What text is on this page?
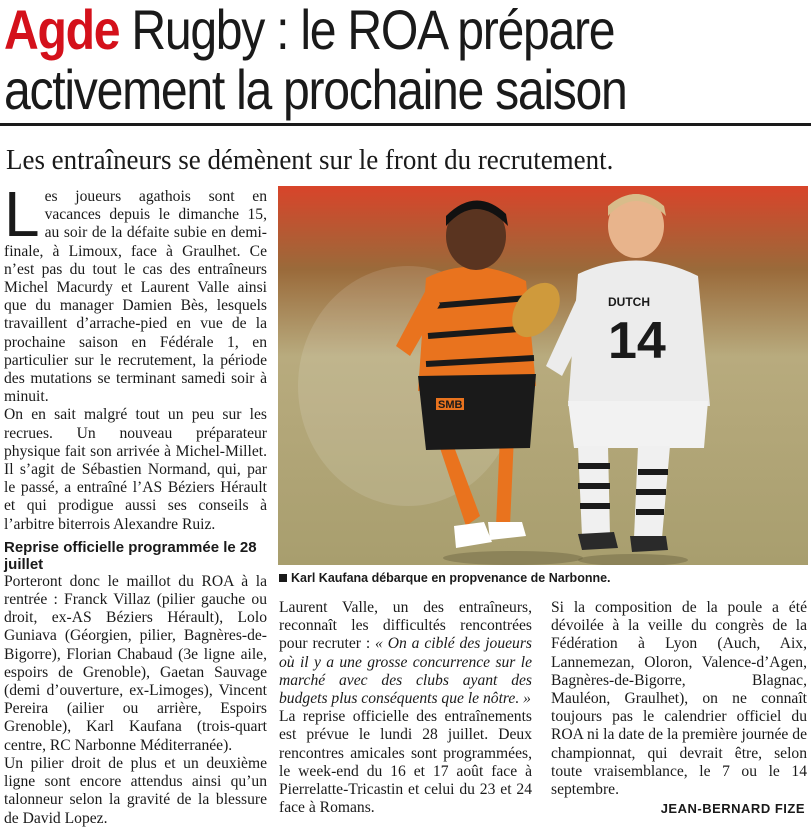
Agde Rugby : le ROA prépare
activement la prochaine saison
Les entraîneurs se démènent sur le front du recrutement.

Les joueurs agathois sont en vacances depuis le dimanche 15, au soir de la défaite subie en demi-finale, à Limoux, face à Graulhet. Ce n’est pas du tout le cas des entraîneurs Michel Macurdy et Laurent Valle ainsi que du manager Damien Bès, lesquels travaillent d’arrache-pied en vue de la prochaine saison en Fédérale 1, en particulier sur le recrutement, la période des mutations se terminant samedi soir à minuit.

On en sait malgré tout un peu sur les recrues. Un nouveau préparateur physique fait son arrivée à Michel-Millet. Il s’agit de Sébastien Normand, qui, par le passé, a entraîné l’AS Béziers Hérault et qui prodigue aussi ses conseils à l’arbitre biterrois Alexandre Ruiz.

Reprise officielle programmée le 28 juillet

Porteront donc le maillot du ROA à la rentrée : Franck Villaz (pilier gauche ou droit, ex-AS Béziers Hérault), Lolo Guniava (Géorgien, pilier, Bagnères-de-Bigorre), Florian Chabaud (3e ligne aile, espoirs de Grenoble), Gaetan Sauvage (demi d’ouverture, ex-Limoges), Vincent Pereira (ailier ou arrière, Espoirs Grenoble), Karl Kaufana (trois-quart centre, RC Narbonne Méditerranée).

Un pilier droit de plus et un deuxième ligne sont encore attendus ainsi qu’un talonneur selon la gravité de la blessure de David Lopez.

SMB
DUTCH
14
Karl Kaufana débarque en propvenance de Narbonne.

Laurent Valle, un des entraîneurs, reconnaît les difficultés rencontrées pour recruter : « On a ciblé des joueurs où il y a une grosse concurrence sur le marché avec des clubs ayant des budgets plus conséquents que le nôtre. »

La reprise officielle des entraînements est prévue le lundi 28 juillet. Deux rencontres amicales sont programmées, le week-end du 16 et 17 août face à Pierrelatte-Tricastin et celui du 23 et 24 face à Romans.

Si la composition de la poule a été dévoilée à la veille du congrès de la Fédération à Lyon (Auch, Aix, Lannemezan, Oloron, Valence-d’Agen, Bagnères-de-Bigorre, Blagnac, Mauléon, Graulhet), on ne connaît toujours pas le calendrier officiel du ROA ni la date de la première journée de championnat, qui devrait être, selon toute vraisemblance, le 7 ou le 14 septembre.

JEAN-BERNARD FIZE
